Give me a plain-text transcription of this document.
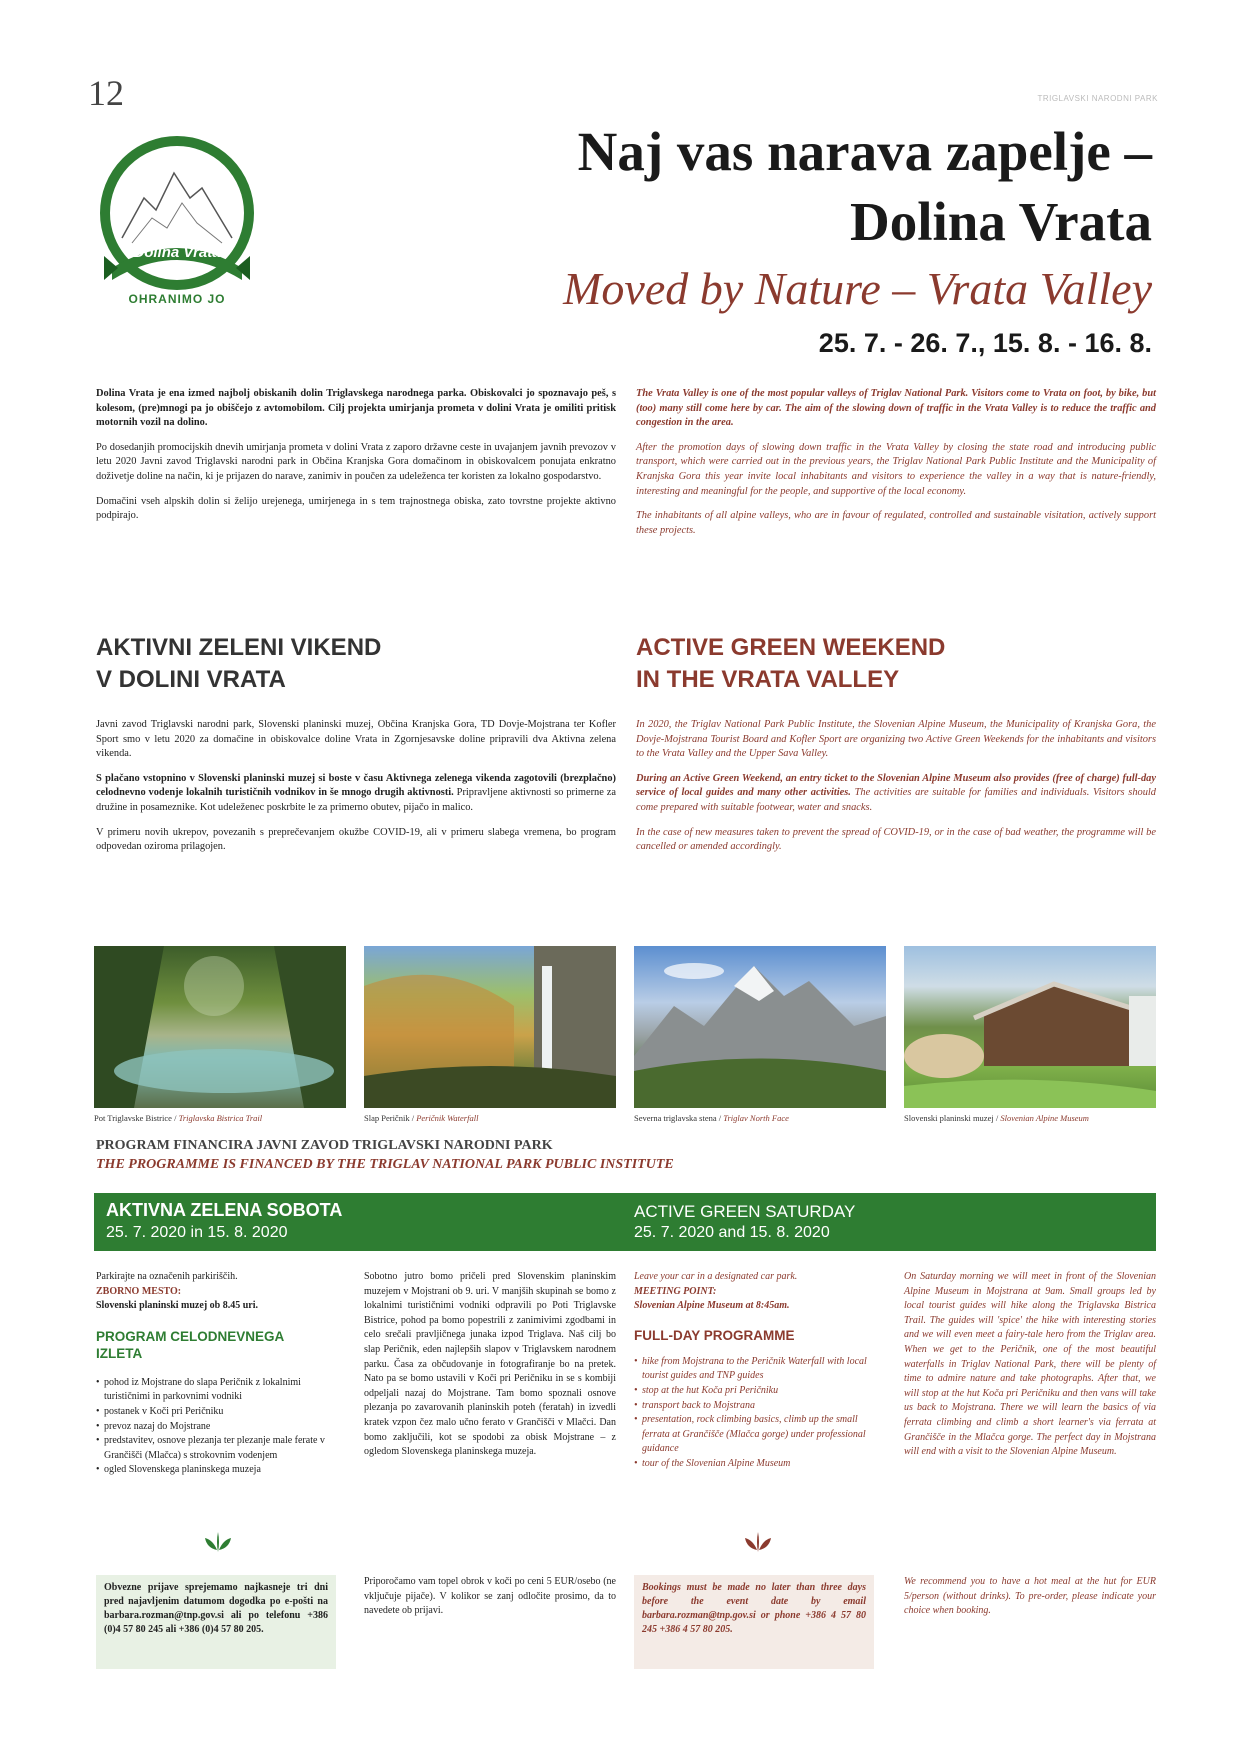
12	TRIGLAVSKI NARODNI PARK
Dolina Vrata
OHRANIMO JO
Naj vas narava zapelje –
Dolina Vrata
Moved by Nature – Vrata Valley
25. 7. - 26. 7., 15. 8. - 16. 8.

Dolina Vrata je ena izmed najbolj obiskanih dolin Triglavskega narodnega parka. Obiskovalci jo spoznavajo peš, s kolesom, (pre)mnogi pa jo obiščejo z avtomobilom. Cilj projekta umirjanja prometa v dolini Vrata je omiliti pritisk motornih vozil na dolino.

Po dosedanjih promocijskih dnevih umirjanja prometa v dolini Vrata z zaporo državne ceste in uvajanjem javnih prevozov v letu 2020 Javni zavod Triglavski narodni park in Občina Kranjska Gora domačinom in obiskovalcem ponujata enkratno doživetje doline na način, ki je prijazen do narave, zanimiv in poučen za udeleženca ter koristen za lokalno gospodarstvo.

Domačini vseh alpskih dolin si želijo urejenega, umirjenega in s tem trajnostnega obiska, zato tovrstne projekte aktivno podpirajo.

The Vrata Valley is one of the most popular valleys of Triglav National Park. Visitors come to Vrata on foot, by bike, but (too) many still come here by car. The aim of the slowing down of traffic in the Vrata Valley is to reduce the traffic and congestion in the area.

After the promotion days of slowing down traffic in the Vrata Valley by closing the state road and introducing public transport, which were carried out in the previous years, the Triglav National Park Public Institute and the Municipality of Kranjska Gora this year invite local inhabitants and visitors to experience the valley in a way that is nature-friendly, interesting and meaningful for the people, and supportive of the local economy.

The inhabitants of all alpine valleys, who are in favour of regulated, controlled and sustainable visitation, actively support these projects.

AKTIVNI ZELENI VIKEND
V DOLINI VRATA
ACTIVE GREEN WEEKEND
IN THE VRATA VALLEY

Javni zavod Triglavski narodni park, Slovenski planinski muzej, Občina Kranjska Gora, TD Dovje-Mojstrana ter Kofler Sport smo v letu 2020 za domačine in obiskovalce doline Vrata in Zgornjesavske doline pripravili dva Aktivna zelena vikenda.

S plačano vstopnino v Slovenski planinski muzej si boste v času Aktivnega zelenega vikenda zagotovili (brezplačno) celodnevno vodenje lokalnih turističnih vodnikov in še mnogo drugih aktivnosti. Pripravljene aktivnosti so primerne za družine in posameznike. Kot udeleženec poskrbite le za primerno obutev, pijačo in malico.

V primeru novih ukrepov, povezanih s preprečevanjem okužbe COVID-19, ali v primeru slabega vremena, bo program odpovedan oziroma prilagojen.

In 2020, the Triglav National Park Public Institute, the Slovenian Alpine Museum, the Municipality of Kranjska Gora, the Dovje-Mojstrana Tourist Board and Kofler Sport are organizing two Active Green Weekends for the inhabitants and visitors to the Vrata Valley and the Upper Sava Valley.

During an Active Green Weekend, an entry ticket to the Slovenian Alpine Museum also provides (free of charge) full-day service of local guides and many other activities. The activities are suitable for families and individuals. Visitors should come prepared with suitable footwear, water and snacks.

In the case of new measures taken to prevent the spread of COVID-19, or in the case of bad weather, the programme will be cancelled or amended accordingly.

Pot Triglavske Bistrice / Triglavska Bistrica Trail	Slap Peričnik / Peričnik Waterfall	Severna triglavska stena / Triglav North Face	Slovenski planinski muzej / Slovenian Alpine Museum
PROGRAM FINANCIRA JAVNI ZAVOD TRIGLAVSKI NARODNI PARK
THE PROGRAMME IS FINANCED BY THE TRIGLAV NATIONAL PARK PUBLIC INSTITUTE
AKTIVNA ZELENA SOBOTA
25. 7. 2020 in 15. 8. 2020
ACTIVE GREEN SATURDAY
25. 7. 2020 and 15. 8. 2020

Parkirajte na označenih parkiriščih.

ZBORNO MESTO:

Slovenski planinski muzej ob 8.45 uri.

PROGRAM CELODNEVNEGA
IZLETA
• pohod iz Mojstrane do slapa Peričnik z lokalnimi turističnimi in parkovnimi vodniki
• postanek v Koči pri Peričniku
• prevoz nazaj do Mojstrane
• predstavitev, osnove plezanja ter plezanje male ferate v Grančišči (Mlačca) s strokovnim vodenjem
• ogled Slovenskega planinskega muzeja

Obvezne prijave sprejemamo najkasneje tri dni pred najavljenim datumom dogodka po e-pošti na barbara.rozman@tnp.gov.si ali po telefonu +386 (0)4 57 80 245 ali +386 (0)4 57 80 205.

Sobotno jutro bomo pričeli pred Slovenskim planinskim muzejem v Mojstrani ob 9. uri. V manjših skupinah se bomo z lokalnimi turističnimi vodniki odpravili po Poti Triglavske Bistrice, pohod pa bomo popestrili z zanimivimi zgodbami in celo srečali pravljičnega junaka izpod Triglava. Naš cilj bo slap Peričnik, eden najlepših slapov v Triglavskem narodnem parku. Časa za občudovanje in fotografiranje bo na pretek. Nato pa se bomo ustavili v Koči pri Peričniku in se s kombiji odpeljali nazaj do Mojstrane. Tam bomo spoznali osnove plezanja po zavarovanih planinskih poteh (feratah) in izvedli kratek vzpon čez malo učno ferato v Grančišči v Mlačci. Dan bomo zaključili, kot se spodobi za obisk Mojstrane – z ogledom Slovenskega planinskega muzeja.

Priporočamo vam topel obrok v koči po ceni 5 EUR/osebo (ne vključuje pijače). V kolikor se zanj odločite prosimo, da to navedete ob prijavi.

Leave your car in a designated car park.

MEETING POINT:

Slovenian Alpine Museum at 8:45am.

FULL-DAY PROGRAMME
• hike from Mojstrana to the Peričnik Waterfall with local tourist guides and TNP guides
• stop at the hut Koča pri Peričniku
• transport back to Mojstrana
• presentation, rock climbing basics, climb up the small ferrata at Grančišče (Mlačca gorge) under professional guidance
• tour of the Slovenian Alpine Museum

Bookings must be made no later than three days before the event date by email barbara.rozman@tnp.gov.si or phone +386 4 57 80 245 +386 4 57 80 205.

On Saturday morning we will meet in front of the Slovenian Alpine Museum in Mojstrana at 9am. Small groups led by local tourist guides will hike along the Triglavska Bistrica Trail. The guides will 'spice' the hike with interesting stories and we will even meet a fairy-tale hero from the Triglav area. When we get to the Peričnik, one of the most beautiful waterfalls in Triglav National Park, there will be plenty of time to admire nature and take photographs. After that, we will stop at the hut Koča pri Peričniku and then vans will take us back to Mojstrana. There we will learn the basics of via ferrata climbing and climb a short learner's via ferrata at Grančišče in the Mlačca gorge. The perfect day in Mojstrana will end with a visit to the Slovenian Alpine Museum.

We recommend you to have a hot meal at the hut for EUR 5/person (without drinks). To pre-order, please indicate your choice when booking.
